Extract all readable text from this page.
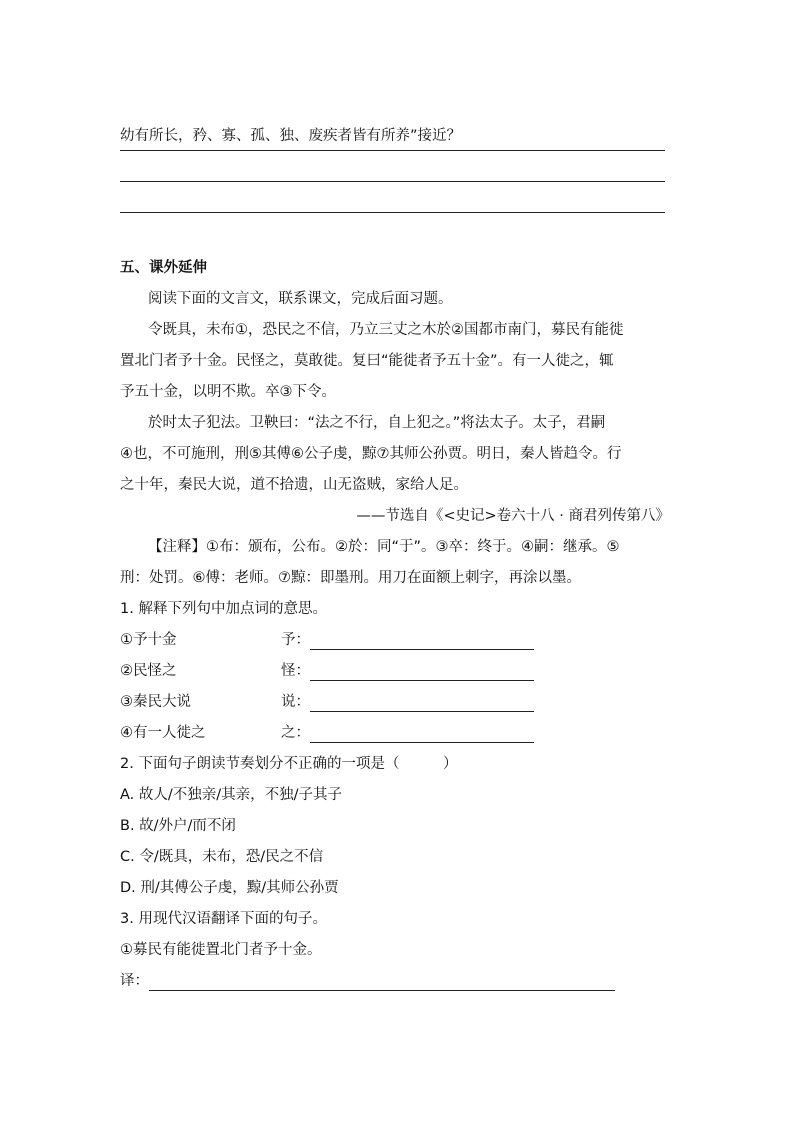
幼有所长，矜、寡、孤、独、废疾者皆有所养”接近？
五、课外延伸
阅读下面的文言文，联系课文，完成后面习题。
令既具，未布①，恐民之不信，乃立三丈之木於②国都市南门，募民有能徙
置北门者予十金。民怪之，莫敢徙。复曰“能徙者予五十金”。有一人徙之，辄
予五十金，以明不欺。卒③下令。
於时太子犯法。卫鞅曰：“法之不行，自上犯之。”将法太子。太子，君嗣
④也，不可施刑，刑⑤其傅⑥公子虔，黥⑦其师公孙贾。明日，秦人皆趋令。行
之十年，秦民大说，道不拾遗，山无盗贼，家给人足。
——节选自《<史记>卷六十八 · 商君列传第八》
【注释】①布：颁布，公布。②於：同“于”。③卒：终于。④嗣：继承。⑤
刑：处罚。⑥傅：老师。⑦黥：即墨刑。用刀在面额上刺字，再涂以墨。
1. 解释下列句中加点词的意思。
①予十金	予：
②民怪之	怪：
③秦民大说	说：
④有一人徙之	之：
2. 下面句子朗读节奏划分不正确的一项是（　　　）
A. 故人/不独亲/其亲，不独/子其子
B. 故/外户/而不闭
C. 令/既具，未布，恐/民之不信
D. 刑/其傅公子虔，黥/其师公孙贾
3. 用现代汉语翻译下面的句子。
①募民有能徙置北门者予十金。
译：
